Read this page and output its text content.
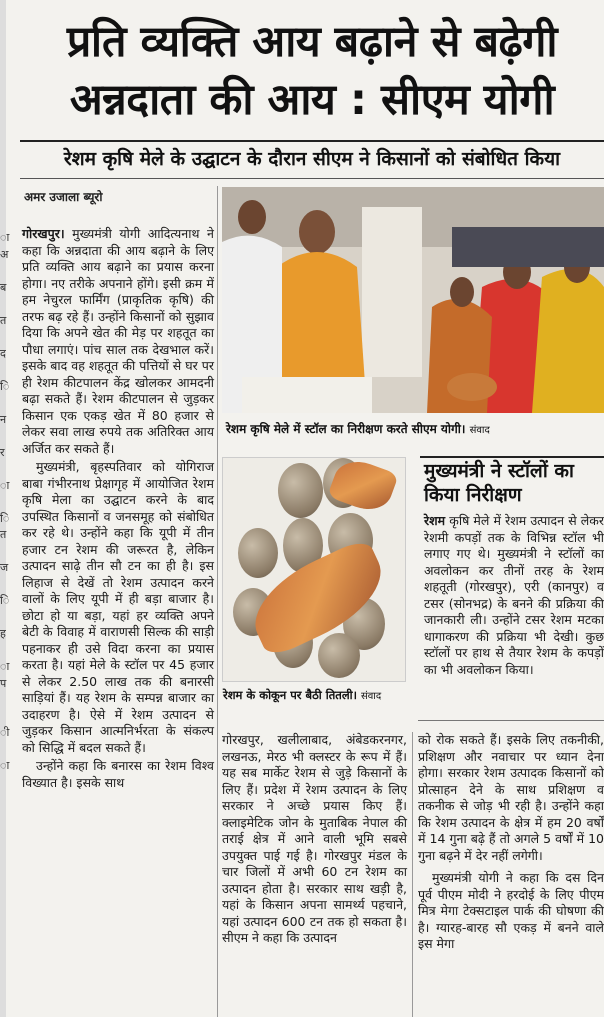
ा
अ

ब

त

द

ि

न

र

ा

ि
त

ज

ि

ह

ा
प

ी

ा
प्रति व्यक्ति आय बढ़ाने से बढ़ेगी
अन्नदाता की आय : सीएम योगी
रेशम कृषि मेले के उद्घाटन के दौरान सीएम ने किसानों को संबोधित किया
अमर उजाला ब्यूरो

गोरखपुर। मुख्यमंत्री योगी आदित्यनाथ ने कहा कि अन्नदाता की आय बढ़ाने के लिए प्रति व्यक्ति आय बढ़ाने का प्रयास करना होगा। नए तरीके अपनाने होंगे। इसी क्रम में हम नेचुरल फार्मिंग (प्राकृतिक कृषि) की तरफ बढ़ रहे हैं। उन्होंने किसानों को सुझाव दिया कि अपने खेत की मेड़ पर शहतूत का पौधा लगाएं। पांच साल तक देखभाल करें। इसके बाद वह शहतूत की पत्तियों से घर पर ही रेशम कीटपालन केंद्र खोलकर आमदनी बढ़ा सकते हैं। रेशम कीटपालन से जुड़कर किसान एक एकड़ खेत में 80 हजार से लेकर सवा लाख रुपये तक अतिरिक्त आय अर्जित कर सकते हैं।

मुख्यमंत्री, बृहस्पतिवार को योगिराज बाबा गंभीरनाथ प्रेक्षागृह में आयोजित रेशम कृषि मेला का उद्घाटन करने के बाद उपस्थित किसानों व जनसमूह को संबोधित कर रहे थे। उन्होंने कहा कि यूपी में तीन हजार टन रेशम की जरूरत है, लेकिन उत्पादन साढ़े तीन सौ टन का ही है। इस लिहाज से देखें तो रेशम उत्पादन करने वालों के लिए यूपी में ही बड़ा बाजार है। छोटा हो या बड़ा, यहां हर व्यक्ति अपने बेटी के विवाह में वाराणसी सिल्क की साड़ी पहनाकर ही उसे विदा करना का प्रयास करता है। यहां मेले के स्टॉल पर 45 हजार से लेकर 2.50 लाख तक की बनारसी साड़ियां हैं। यह रेशम के सम्पन्न बाजार का उदाहरण है। ऐसे में रेशम उत्पादन से जुड़कर किसान आत्मनिर्भरता के संकल्प को सिद्धि में बदल सकते हैं।

उन्होंने कहा कि बनारस का रेशम विश्व विख्यात है। इसके साथ

रेशम कृषि मेले में स्टॉल का निरीक्षण करते सीएम योगी। संवाद
रेशम के कोकून पर बैठी तितली। संवाद
मुख्यमंत्री ने स्टॉलों का किया निरीक्षण
रेशम कृषि मेले में रेशम उत्पादन से लेकर रेशमी कपड़ों तक के विभिन्न स्टॉल भी लगाए गए थे। मुख्यमंत्री ने स्टॉलों का अवलोकन कर तीनों तरह के रेशम शहतूती (गोरखपुर), एरी (कानपुर) व टसर (सोनभद्र) के बनने की प्रक्रिया की जानकारी ली। उन्होंने टसर रेशम मटका धागाकरण की प्रक्रिया भी देखी। कुछ स्टॉलों पर हाथ से तैयार रेशम के कपड़ों का भी अवलोकन किया।

गोरखपुर, खलीलाबाद, अंबेडकरनगर, लखनऊ, मेरठ भी क्लस्टर के रूप में हैं। यह सब मार्केट रेशम से जुड़े किसानों के लिए हैं। प्रदेश में रेशम उत्पादन के लिए सरकार ने अच्छे प्रयास किए हैं। क्लाइमेटिक जोन के मुताबिक नेपाल की तराई क्षेत्र में आने वाली भूमि सबसे उपयुक्त पाई गई है। गोरखपुर मंडल के चार जिलों में अभी 60 टन रेशम का उत्पादन होता है। सरकार साथ खड़ी है, यहां के किसान अपना सामर्थ्य पहचाने, यहां उत्पादन 600 टन तक हो सकता है। सीएम ने कहा कि उत्पादन

को रोक सकते हैं। इसके लिए तकनीकी, प्रशिक्षण और नवाचार पर ध्यान देना होगा। सरकार रेशम उत्पादक किसानों को प्रोत्साहन देने के साथ प्रशिक्षण व तकनीक से जोड़ भी रही है। उन्होंने कहा कि रेशम उत्पादन के क्षेत्र में हम 20 वर्षों में 14 गुना बढ़े हैं तो अगले 5 वर्षों में 10 गुना बढ़ने में देर नहीं लगेगी।

मुख्यमंत्री योगी ने कहा कि दस दिन पूर्व पीएम मोदी ने हरदोई के लिए पीएम मित्र मेगा टेक्सटाइल पार्क की घोषणा की है। ग्यारह-बारह सौ एकड़ में बनने वाले इस मेगा
